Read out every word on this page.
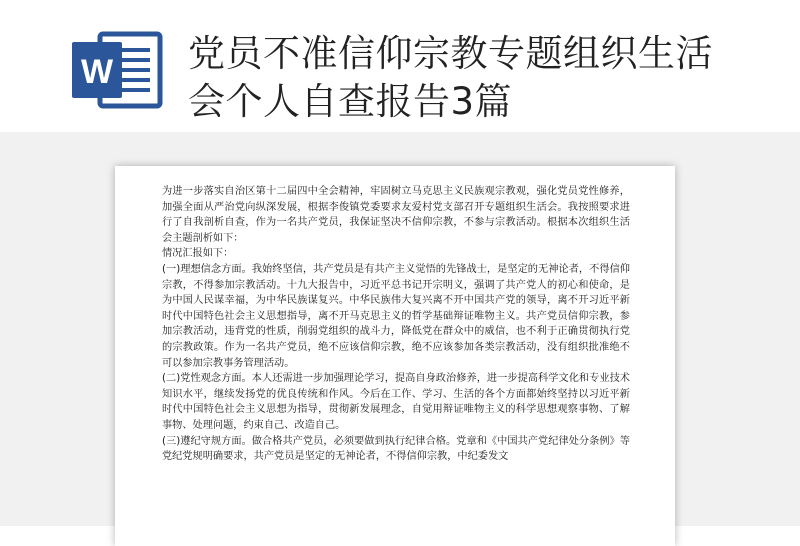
W 党员不准信仰宗教专题组织生活
会个人自查报告3篇

为进一步落实自治区第十二届四中全会精神，牢固树立马克思主义民族观宗教观，强化党员党性修养，加强全面从严治党向纵深发展，根据李俊镇党委要求友爱村党支部召开专题组织生活会。我按照要求进行了自我剖析自查，作为一名共产党员，我保证坚决不信仰宗教，不参与宗教活动。根据本次组织生活会主题剖析如下：

情况汇报如下：

(一)理想信念方面。我始终坚信，共产党员是有共产主义觉悟的先锋战士，是坚定的无神论者，不得信仰宗教，不得参加宗教活动。十九大报告中，习近平总书记开宗明义，强调了共产党人的初心和使命，是为中国人民谋幸福，为中华民族谋复兴。中华民族伟大复兴离不开中国共产党的领导，离不开习近平新时代中国特色社会主义思想指导，离不开马克思主义的哲学基础辩证唯物主义。共产党员信仰宗教，参加宗教活动，违背党的性质，削弱党组织的战斗力，降低党在群众中的威信，也不利于正确贯彻执行党的宗教政策。作为一名共产党员，绝不应该信仰宗教，绝不应该参加各类宗教活动，没有组织批准绝不可以参加宗教事务管理活动。

(二)党性观念方面。本人还需进一步加强理论学习，提高自身政治修养，进一步提高科学文化和专业技术知识水平，继续发扬党的优良传统和作风。今后在工作、学习、生活的各个方面都始终坚持以习近平新时代中国特色社会主义思想为指导，贯彻新发展理念，自觉用辩证唯物主义的科学思想观察事物、了解事物、处理问题，约束自己、改造自己。

(三)遵纪守规方面。做合格共产党员，必须要做到执行纪律合格。党章和《中国共产党纪律处分条例》等党纪党规明确要求，共产党员是坚定的无神论者，不得信仰宗教，中纪委发文
